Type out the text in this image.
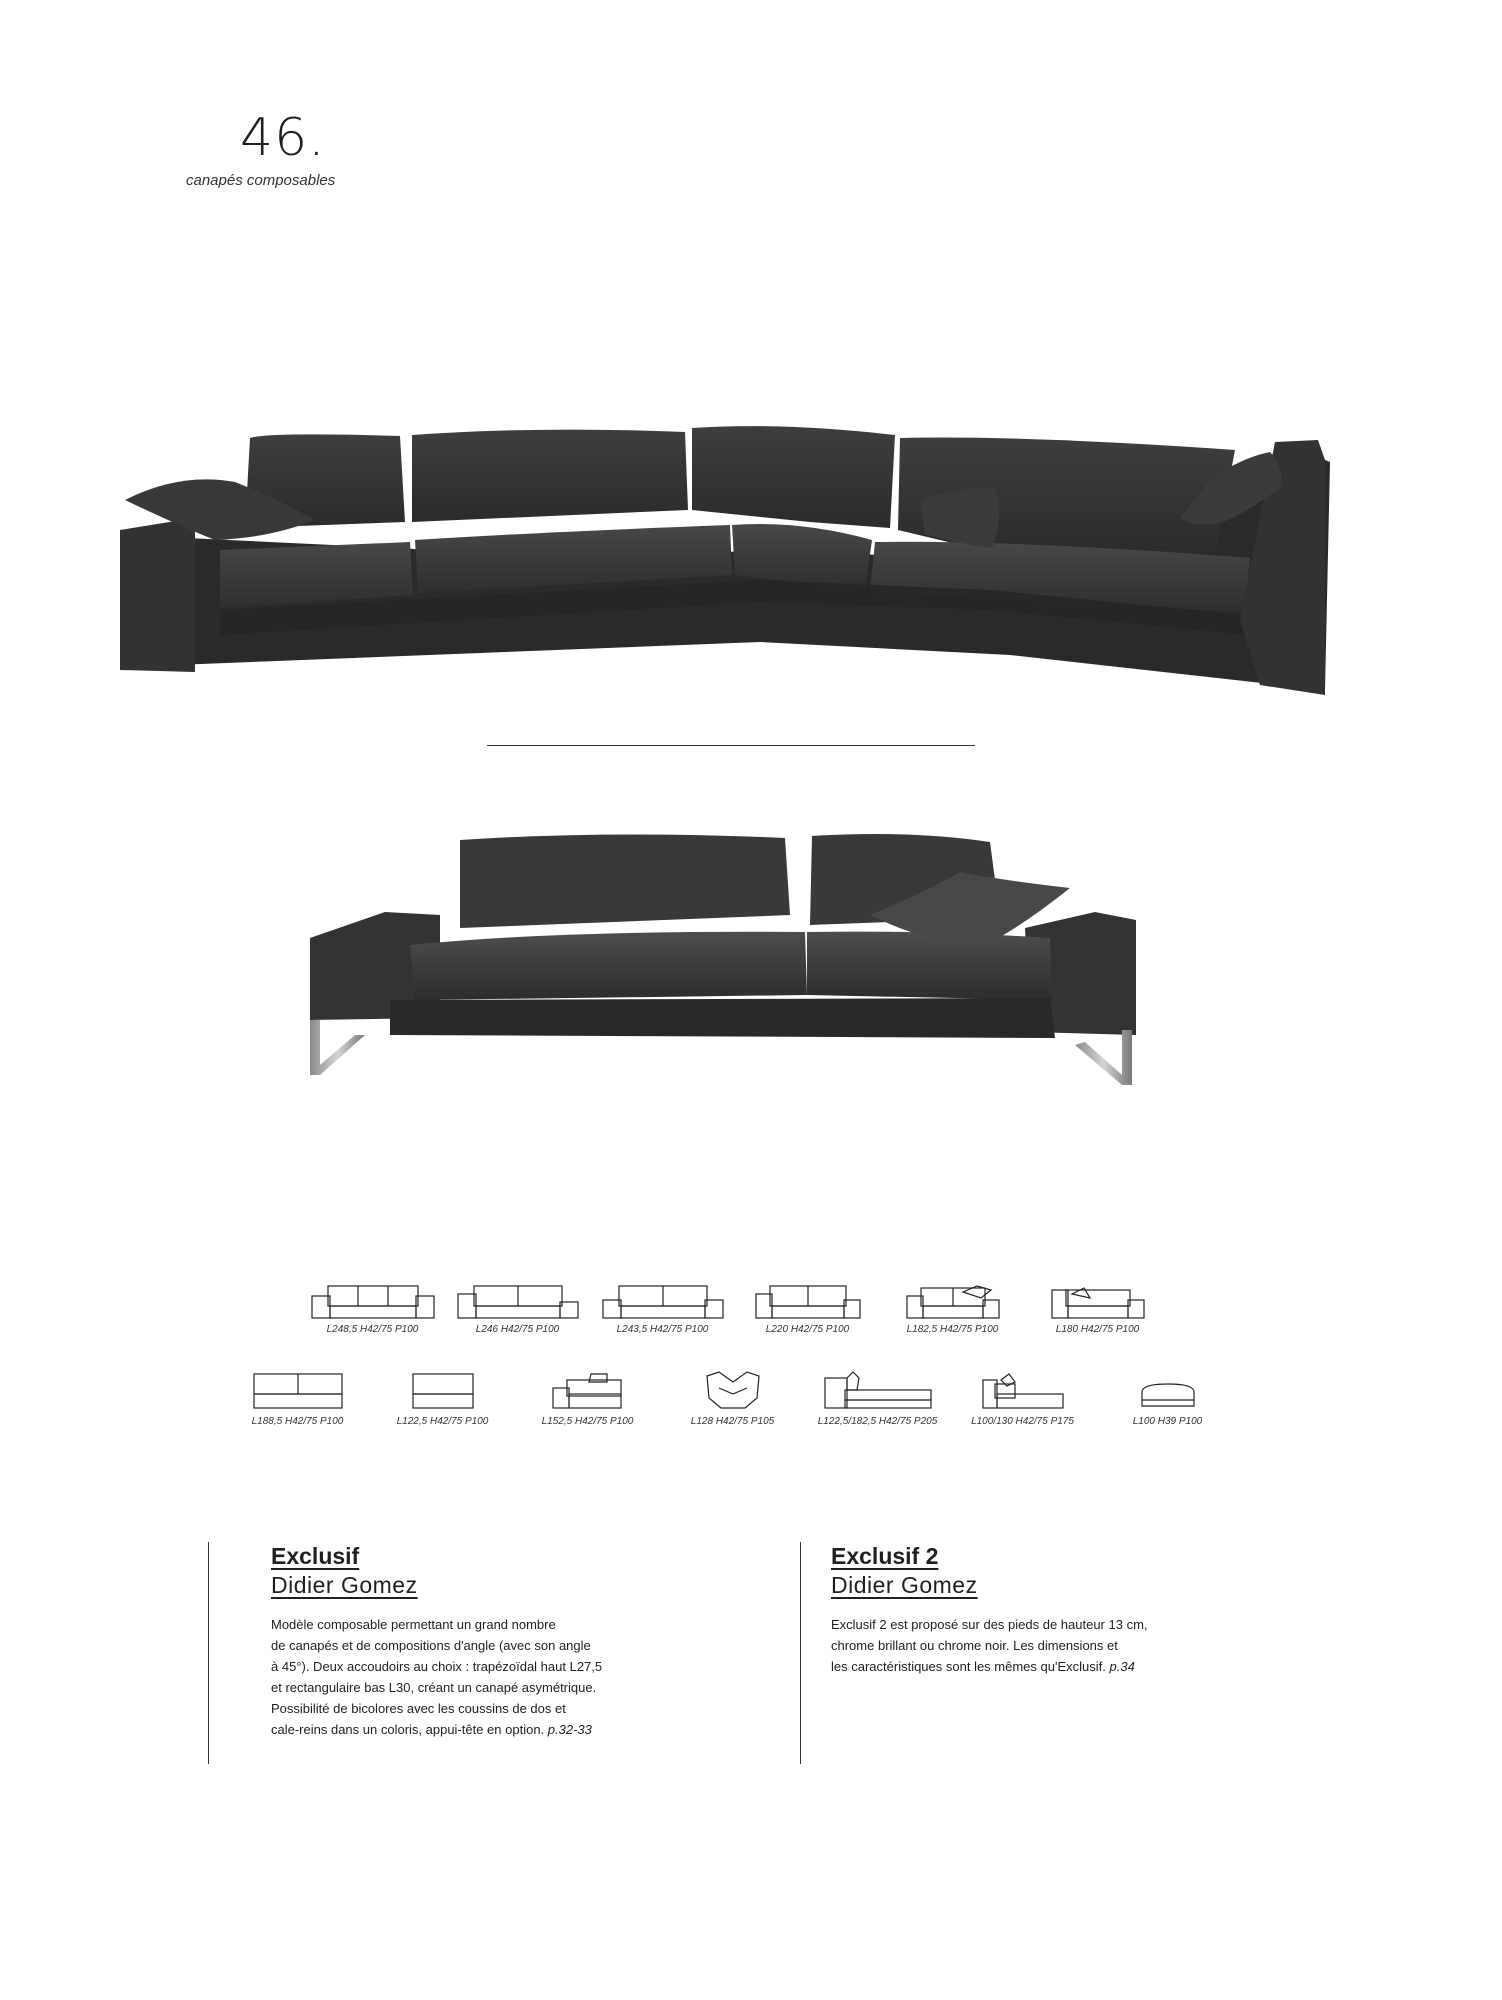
46.
canapés composables
L248,5 H42/75 P100	L246 H42/75 P100	L243,5 H42/75 P100	L220 H42/75 P100	L182,5 H42/75 P100	L180 H42/75 P100
L188,5 H42/75 P100	L122,5 H42/75 P100	L152,5 H42/75 P100	L128 H42/75 P105	L122,5/182,5 H42/75 P205	L100/130 H42/75 P175	L100 H39 P100
Exclusif
Didier Gomez

Modèle composable permettant un grand nombre
de canapés et de compositions d'angle (avec son angle
à 45°). Deux accoudoirs au choix : trapézoïdal haut L27,5
et rectangulaire bas L30, créant un canapé asymétrique.
Possibilité de bicolores avec les coussins de dos et
cale-reins dans un coloris, appui-tête en option. p.32-33

Exclusif 2
Didier Gomez

Exclusif 2 est proposé sur des pieds de hauteur 13 cm,
chrome brillant ou chrome noir. Les dimensions et
les caractéristiques sont les mêmes qu'Exclusif. p.34
